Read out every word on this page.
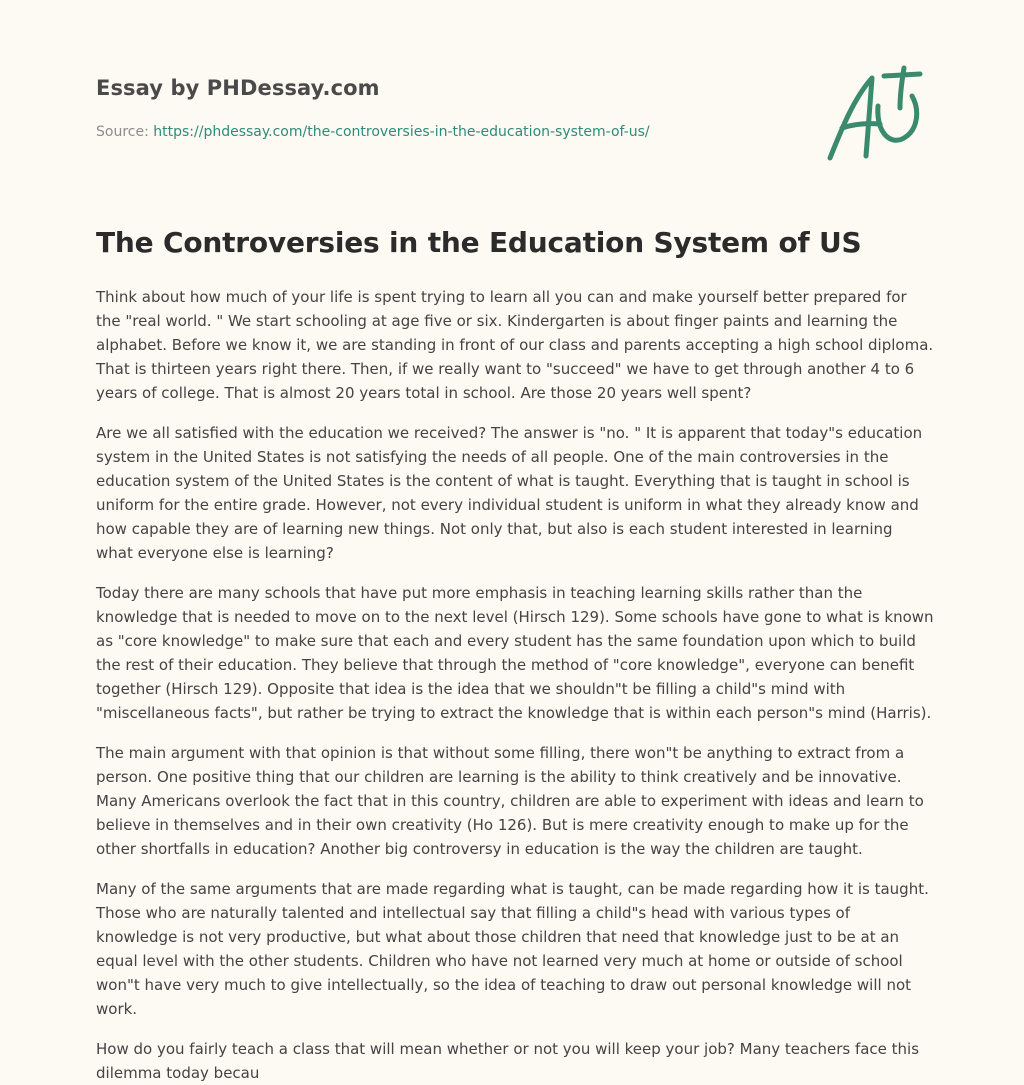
Essay by PHDessay.com
Source: https://phdessay.com/the-controversies-in-the-education-system-of-us/
The Controversies in the Education System of US

Think about how much of your life is spent trying to learn all you can and make yourself better prepared for the "real world. " We start schooling at age five or six. Kindergarten is about finger paints and learning the alphabet. Before we know it, we are standing in front of our class and parents accepting a high school diploma. That is thirteen years right there. Then, if we really want to "succeed" we have to get through another 4 to 6 years of college. That is almost 20 years total in school. Are those 20 years well spent?

Are we all satisfied with the education we received? The answer is "no. " It is apparent that today"s education system in the United States is not satisfying the needs of all people. One of the main controversies in the education system of the United States is the content of what is taught. Everything that is taught in school is uniform for the entire grade. However, not every individual student is uniform in what they already know and how capable they are of learning new things. Not only that, but also is each student interested in learning what everyone else is learning?

Today there are many schools that have put more emphasis in teaching learning skills rather than the knowledge that is needed to move on to the next level (Hirsch 129). Some schools have gone to what is known as "core knowledge" to make sure that each and every student has the same foundation upon which to build the rest of their education. They believe that through the method of "core knowledge", everyone can benefit together (Hirsch 129). Opposite that idea is the idea that we shouldn"t be filling a child"s mind with "miscellaneous facts", but rather be trying to extract the knowledge that is within each person"s mind (Harris).

The main argument with that opinion is that without some filling, there won"t be anything to extract from a person. One positive thing that our children are learning is the ability to think creatively and be innovative. Many Americans overlook the fact that in this country, children are able to experiment with ideas and learn to believe in themselves and in their own creativity (Ho 126). But is mere creativity enough to make up for the other shortfalls in education? Another big controversy in education is the way the children are taught.

Many of the same arguments that are made regarding what is taught, can be made regarding how it is taught. Those who are naturally talented and intellectual say that filling a child"s head with various types of knowledge is not very productive, but what about those children that need that knowledge just to be at an equal level with the other students. Children who have not learned very much at home or outside of school won"t have very much to give intellectually, so the idea of teaching to draw out personal knowledge will not work.

How do you fairly teach a class that will mean whether or not you will keep your job? Many teachers face this dilemma today becau
